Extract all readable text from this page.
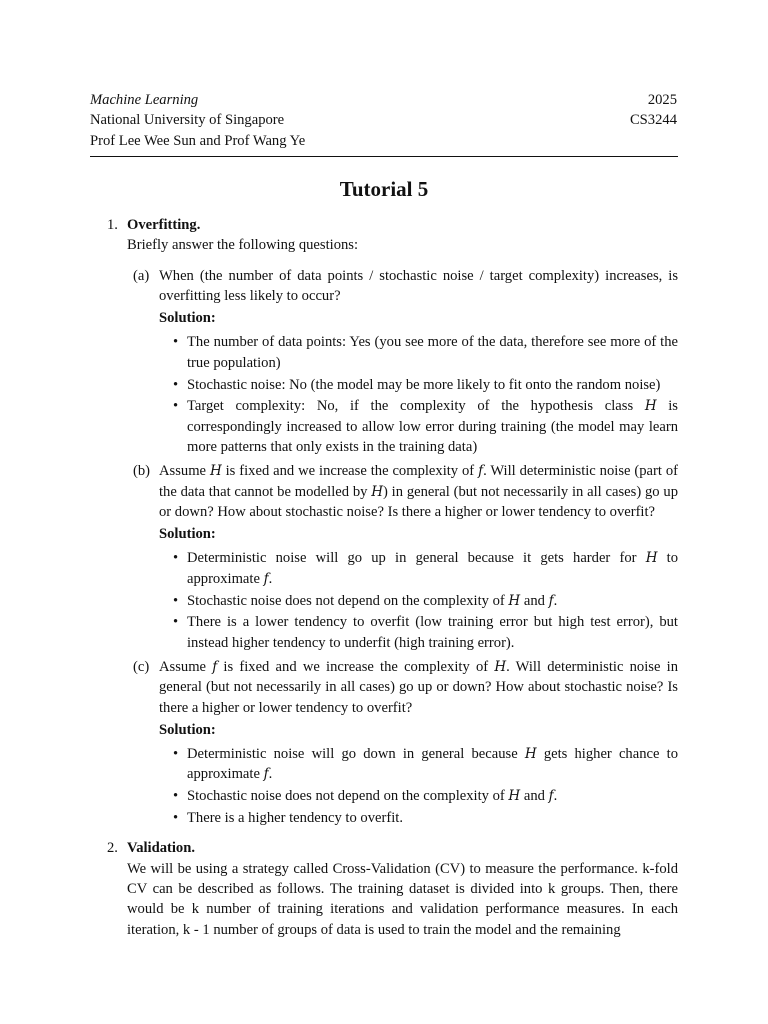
Machine Learning
National University of Singapore
Prof Lee Wee Sun and Prof Wang Ye
2025
CS3244
Tutorial 5
1. Overfitting.
Briefly answer the following questions:
(a) When (the number of data points / stochastic noise / target complexity) increases, is overfitting less likely to occur?
Solution:
• The number of data points: Yes (you see more of the data, therefore see more of the true population)
• Stochastic noise: No (the model may be more likely to fit onto the random noise)
• Target complexity: No, if the complexity of the hypothesis class H is correspondingly increased to allow low error during training (the model may learn more patterns that only exists in the training data)
(b) Assume H is fixed and we increase the complexity of f. Will deterministic noise (part of the data that cannot be modelled by H) in general (but not necessarily in all cases) go up or down? How about stochastic noise? Is there a higher or lower tendency to overfit?
Solution:
• Deterministic noise will go up in general because it gets harder for H to approximate f.
• Stochastic noise does not depend on the complexity of H and f.
• There is a lower tendency to overfit (low training error but high test error), but instead higher tendency to underfit (high training error).
(c) Assume f is fixed and we increase the complexity of H. Will deterministic noise in general (but not necessarily in all cases) go up or down? How about stochastic noise? Is there a higher or lower tendency to overfit?
Solution:
• Deterministic noise will go down in general because H gets higher chance to approximate f.
• Stochastic noise does not depend on the complexity of H and f.
• There is a higher tendency to overfit.
2. Validation.
We will be using a strategy called Cross-Validation (CV) to measure the performance. k-fold CV can be described as follows. The training dataset is divided into k groups. Then, there would be k number of training iterations and validation performance measures. In each iteration, k - 1 number of groups of data is used to train the model and the remaining
